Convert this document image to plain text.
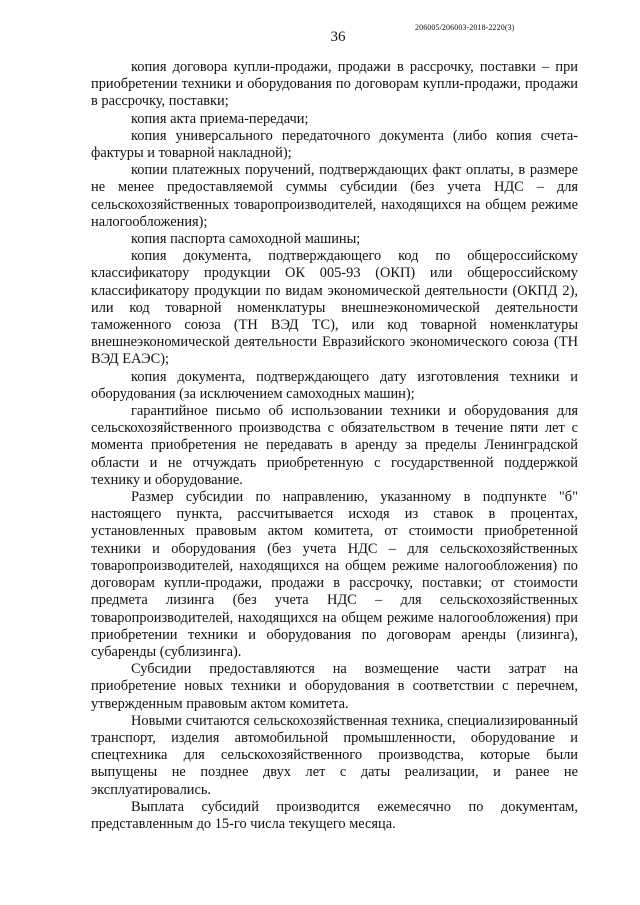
206005/206003-2018-2220(3)
36

копия договора купли-продажи, продажи в рассрочку, поставки – при приобретении техники и оборудования по договорам купли-продажи, продажи в рассрочку, поставки;

копия акта приема-передачи;

копия универсального передаточного документа (либо копия счета-фактуры и товарной накладной);

копии платежных поручений, подтверждающих факт оплаты, в размере не менее предоставляемой суммы субсидии (без учета НДС – для сельскохозяйственных товаропроизводителей, находящихся на общем режиме налогообложения);

копия паспорта самоходной машины;

копия документа, подтверждающего код по общероссийскому классификатору продукции ОК 005-93 (ОКП) или общероссийскому классификатору продукции по видам экономической деятельности (ОКПД 2), или код товарной номенклатуры внешнеэкономической деятельности таможенного союза (ТН ВЭД ТС), или код товарной номенклатуры внешнеэкономической деятельности Евразийского экономического союза (ТН ВЭД ЕАЭС);

копия документа, подтверждающего дату изготовления техники и оборудования (за исключением самоходных машин);

гарантийное письмо об использовании техники и оборудования для сельскохозяйственного производства с обязательством в течение пяти лет с момента приобретения не передавать в аренду за пределы Ленинградской области и не отчуждать приобретенную с государственной поддержкой технику и оборудование.

Размер субсидии по направлению, указанному в подпункте "б" настоящего пункта, рассчитывается исходя из ставок в процентах, установленных правовым актом комитета, от стоимости приобретенной техники и оборудования (без учета НДС – для сельскохозяйственных товаропроизводителей, находящихся на общем режиме налогообложения) по договорам купли-продажи, продажи в рассрочку, поставки; от стоимости предмета лизинга (без учета НДС – для сельскохозяйственных товаропроизводителей, находящихся на общем режиме налогообложения) при приобретении техники и оборудования по договорам аренды (лизинга), субаренды (сублизинга).

Субсидии предоставляются на возмещение части затрат на приобретение новых техники и оборудования в соответствии с перечнем, утвержденным правовым актом комитета.

Новыми считаются сельскохозяйственная техника, специализированный транспорт, изделия автомобильной промышленности, оборудование и спецтехника для сельскохозяйственного производства, которые были выпущены не позднее двух лет с даты реализации, и ранее не эксплуатировались.

Выплата субсидий производится ежемесячно по документам, представленным до 15-го числа текущего месяца.
